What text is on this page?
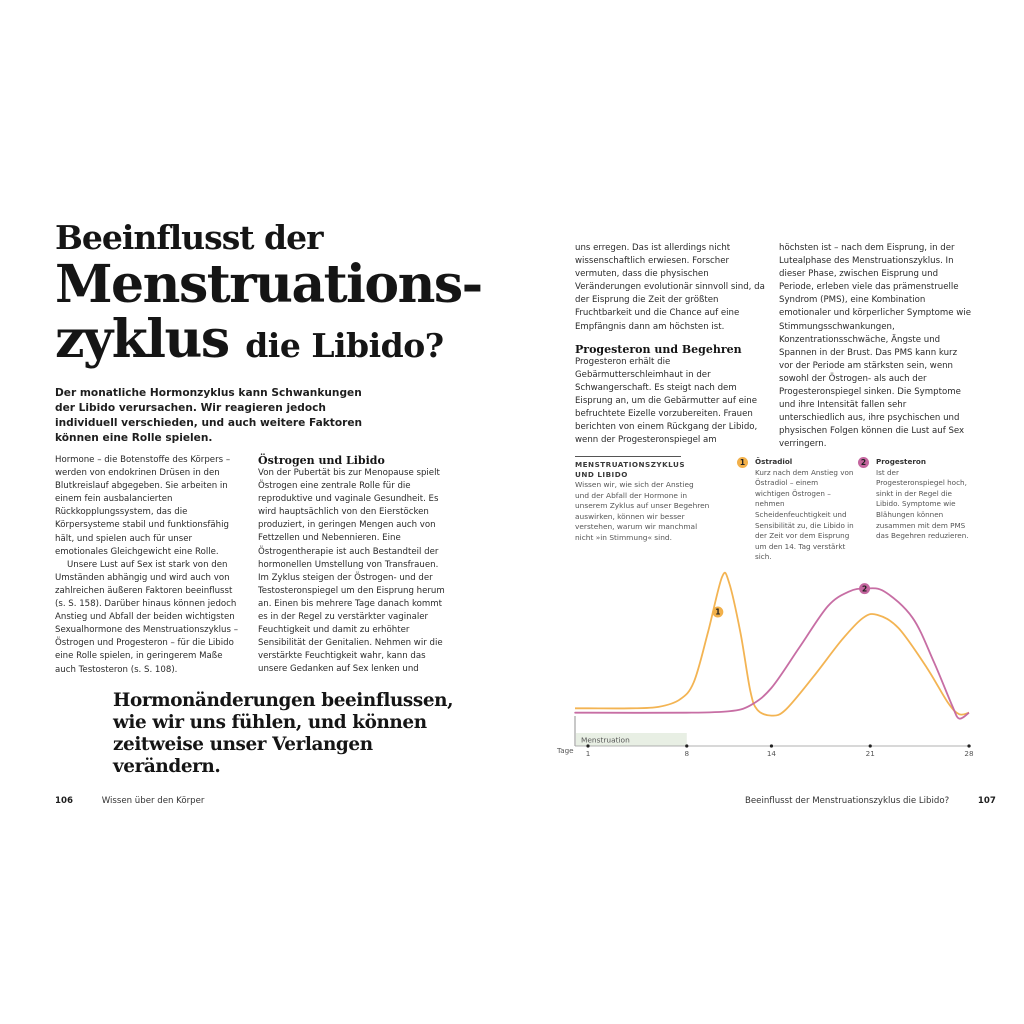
Beeinflusst der
Menstruations-
zyklus die Libido?
Der monatliche Hormonzyklus kann Schwankungen der Libido verursachen. Wir reagieren jedoch individuell verschieden, und auch weitere Faktoren können eine Rolle spielen.

Hormone – die Botenstoffe des Körpers – werden von endokrinen Drüsen in den Blutkreislauf abgegeben. Sie arbeiten in einem fein ausbalancierten Rückkopplungssystem, das die Körpersysteme stabil und funktionsfähig hält, und spielen auch für unser emotionales Gleichgewicht eine Rolle.

Unsere Lust auf Sex ist stark von den Umständen abhängig und wird auch von zahlreichen äußeren Faktoren beeinflusst (s. S. 158). Darüber hinaus können jedoch Anstieg und Abfall der beiden wichtigsten Sexualhormone des Menstruationszyklus – Östrogen und Progesteron – für die Libido eine Rolle spielen, in geringerem Maße auch Testosteron (s. S. 108).

Östrogen und Libido

Von der Pubertät bis zur Menopause spielt Östrogen eine zentrale Rolle für die reproduktive und vaginale Gesundheit. Es wird hauptsächlich von den Eierstöcken produziert, in geringen Mengen auch von Fettzellen und Nebennieren. Eine Östrogentherapie ist auch Bestandteil der hormonellen Umstellung von Transfrauen. Im Zyklus steigen der Östrogen- und der Testosteronspiegel um den Eisprung herum an. Einen bis mehrere Tage danach kommt es in der Regel zu verstärkter vaginaler Feuchtigkeit und damit zu erhöhter Sensibilität der Genitalien. Nehmen wir die verstärkte Feuchtigkeit wahr, kann das unsere Gedanken auf Sex lenken und

Hormonänderungen beeinflussen, wie wir uns fühlen, und können zeitweise unser Verlangen verändern.
106	Wissen über den Körper

uns erregen. Das ist allerdings nicht wissenschaftlich erwiesen. Forscher vermuten, dass die physischen Veränderungen evolutionär sinnvoll sind, da der Eisprung die Zeit der größten Fruchtbarkeit und die Chance auf eine Empfängnis dann am höchsten ist.

Progesteron und Begehren

Progesteron erhält die Gebärmutterschleimhaut in der Schwangerschaft. Es steigt nach dem Eisprung an, um die Gebärmutter auf eine befruchtete Eizelle vorzubereiten. Frauen berichten von einem Rückgang der Libido, wenn der Progesteronspiegel am

höchsten ist – nach dem Eisprung, in der Lutealphase des Menstruationszyklus. In dieser Phase, zwischen Eisprung und Periode, erleben viele das prämenstruelle Syndrom (PMS), eine Kombination emotionaler und körperlicher Symptome wie Stimmungsschwankungen, Konzentrationsschwäche, Ängste und Spannen in der Brust. Das PMS kann kurz vor der Periode am stärksten sein, wenn sowohl der Östrogen- als auch der Progesteronspiegel sinken. Die Symptome und ihre Intensität fallen sehr unterschiedlich aus, ihre psychischen und physischen Folgen können die Lust auf Sex verringern.

MENSTRUATIONSZYKLUS
UND LIBIDO
Wissen wir, wie sich der Anstieg und der Abfall der Hormone in unserem Zyklus auf unser Begehren auswirken, können wir besser verstehen, warum wir manchmal nicht »in Stimmung« sind.
1	Östradiol
Kurz nach dem Anstieg von Östradiol – einem wichtigen Östrogen – nehmen Scheidenfeuchtigkeit und Sensibilität zu, die Libido in der Zeit vor dem Eisprung um den 14. Tag verstärkt sich.
2	Progesteron
Ist der Progesteronspiegel hoch, sinkt in der Regel die Libido. Symptome wie Blähungen können zusammen mit dem PMS das Begehren reduzieren.
Menstruation
Tage 1	8	14	21	28
1
2
Beeinflusst der Menstruationszyklus die Libido?	107
